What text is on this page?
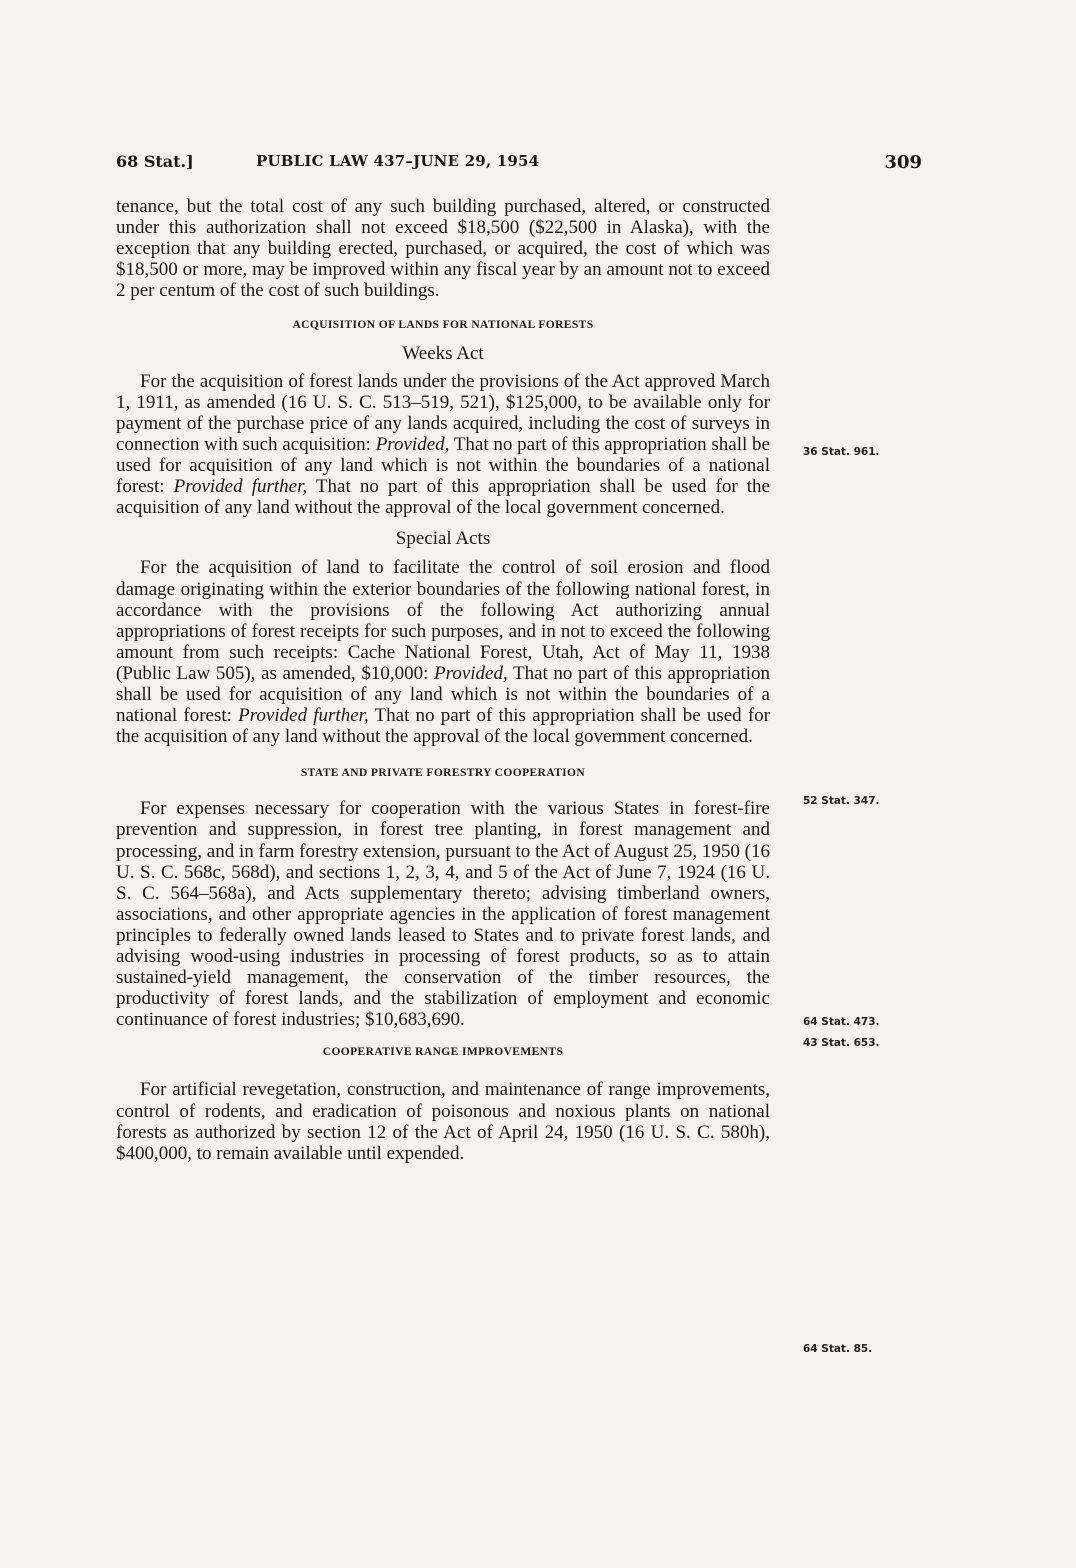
68 Stat.]	PUBLIC LAW 437–JUNE 29, 1954	309

tenance, but the total cost of any such building purchased, altered, or constructed under this authorization shall not exceed $18,500 ($22,500 in Alaska), with the exception that any building erected, purchased, or acquired, the cost of which was $18,500 or more, may be improved within any fiscal year by an amount not to exceed 2 per centum of the cost of such buildings.

ACQUISITION OF LANDS FOR NATIONAL FORESTS

Weeks Act

For the acquisition of forest lands under the provisions of the Act approved March 1, 1911, as amended (16 U. S. C. 513–519, 521), $125,000, to be available only for payment of the purchase price of any lands acquired, including the cost of surveys in connection with such acquisition: Provided, That no part of this appropriation shall be used for acquisition of any land which is not within the boundaries of a national forest: Provided further, That no part of this appropriation shall be used for the acquisition of any land without the approval of the local government concerned.

Special Acts

For the acquisition of land to facilitate the control of soil erosion and flood damage originating within the exterior boundaries of the following national forest, in accordance with the provisions of the following Act authorizing annual appropriations of forest receipts for such purposes, and in not to exceed the following amount from such receipts: Cache National Forest, Utah, Act of May 11, 1938 (Public Law 505), as amended, $10,000: Provided, That no part of this appropriation shall be used for acquisition of any land which is not within the boundaries of a national forest: Provided further, That no part of this appropriation shall be used for the acquisition of any land without the approval of the local government concerned.

STATE AND PRIVATE FORESTRY COOPERATION

For expenses necessary for cooperation with the various States in forest-fire prevention and suppression, in forest tree planting, in forest management and processing, and in farm forestry extension, pursuant to the Act of August 25, 1950 (16 U. S. C. 568c, 568d), and sections 1, 2, 3, 4, and 5 of the Act of June 7, 1924 (16 U. S. C. 564–568a), and Acts supplementary thereto; advising timberland owners, associations, and other appropriate agencies in the application of forest management principles to federally owned lands leased to States and to private forest lands, and advising wood-using industries in processing of forest products, so as to attain sustained-yield management, the conservation of the timber resources, the productivity of forest lands, and the stabilization of employment and economic continuance of forest industries; $10,683,690.

COOPERATIVE RANGE IMPROVEMENTS

For artificial revegetation, construction, and maintenance of range improvements, control of rodents, and eradication of poisonous and noxious plants on national forests as authorized by section 12 of the Act of April 24, 1950 (16 U. S. C. 580h), $400,000, to remain available until expended.

36 Stat. 961.
52 Stat. 347.
64 Stat. 473.
43 Stat. 653.
64 Stat. 85.
